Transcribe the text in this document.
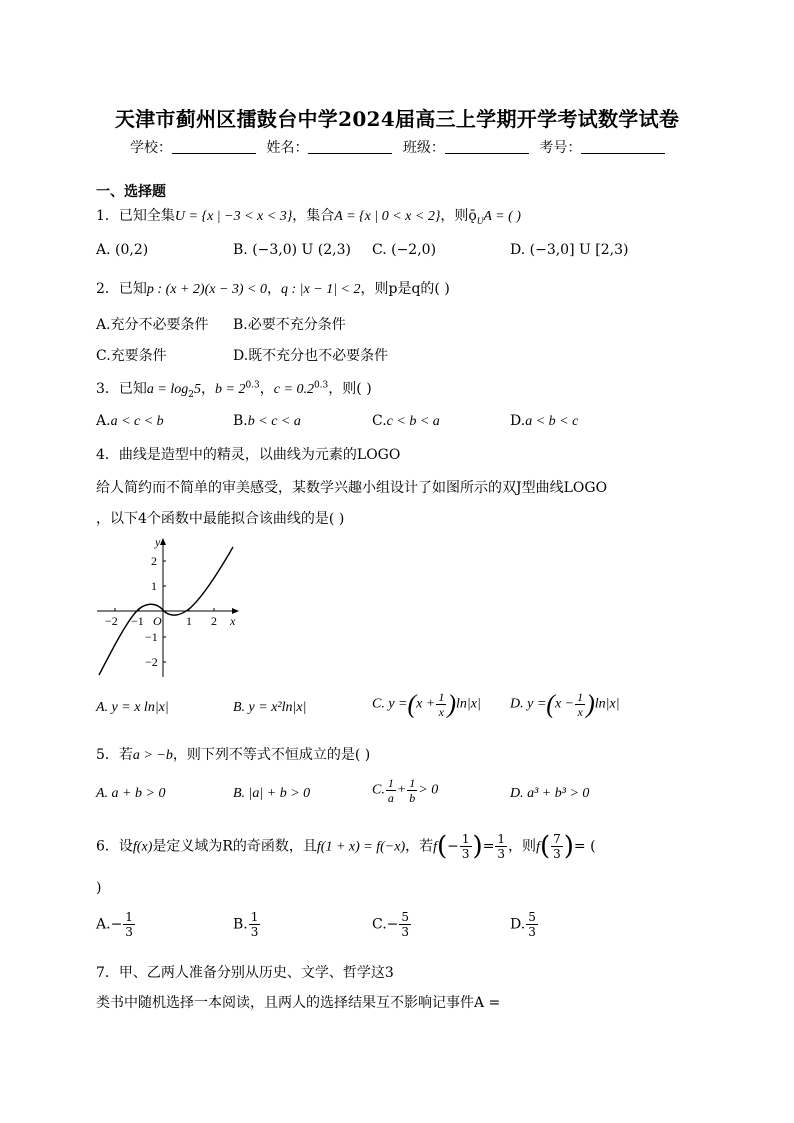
天津市蓟州区擂鼓台中学2024届高三上学期开学考试数学试卷
学校：	姓名：	班级：	考号：
一、选择题
1．已知全集U = {x | −3 < x < 3}，集合A = {x | 0 < x < 2}，则$ǭ_UA$ = ( )
A. (0,2)	B. (−3,0) U (2,3) C. (−2,0)	D. (−3,0] U [2,3)
2．已知p : (x + 2)(x − 3) < 0，q : |x − 1| < 2，则p是q的( )
A.充分不必要条件 B.必要不充分条件
C.充要条件	D.既不充分也不必要条件
3．已知$a = \log_25$，$b = 2^{0.3}$，$c = 0.2^{0.3}$，则( )
A.a < c < b	B.b < c < a	C.c < b < a	D.a < b < c
4．曲线是造型中的精灵，以曲线为元素的LOGO
给人简约而不简单的审美感受，某数学兴趣小组设计了如图所示的双J型曲线LOGO
，以下4个函数中最能拟合该曲线的是( )
y
x
O
−2 −1	1 2
2
1
−1
−2
A. y = x ln|x|	B. y = x²ln|x|	C. $y =(x + \frac{1}{x} )\ln|x|$ D. $y =(x - \frac{1}{x} )\ln|x|$
5．若a > −b，则下列不等式不恒成立的是( )
A. a + b > 0	B. |a| + b > 0	C. $\frac{1}{a} + \frac{1}{b} > 0$	D. a³ + b³ > 0
6．设f(x)是定义域为R的奇函数，且f(1 + x) = f(−x)，若$f(- \frac{1}{3}$ )= $\frac{1}{3}$ ，则$f( \frac{7}{3}$ )= (
)
$A.- \frac{1}{3}$	B. $\frac{1}{3}$	$C.- \frac{5}{3}$	D. $\frac{5}{3}$
7．甲、乙两人准备分别从历史、文学、哲学这3
类书中随机选择一本阅读，且两人的选择结果互不影响记事件A =
